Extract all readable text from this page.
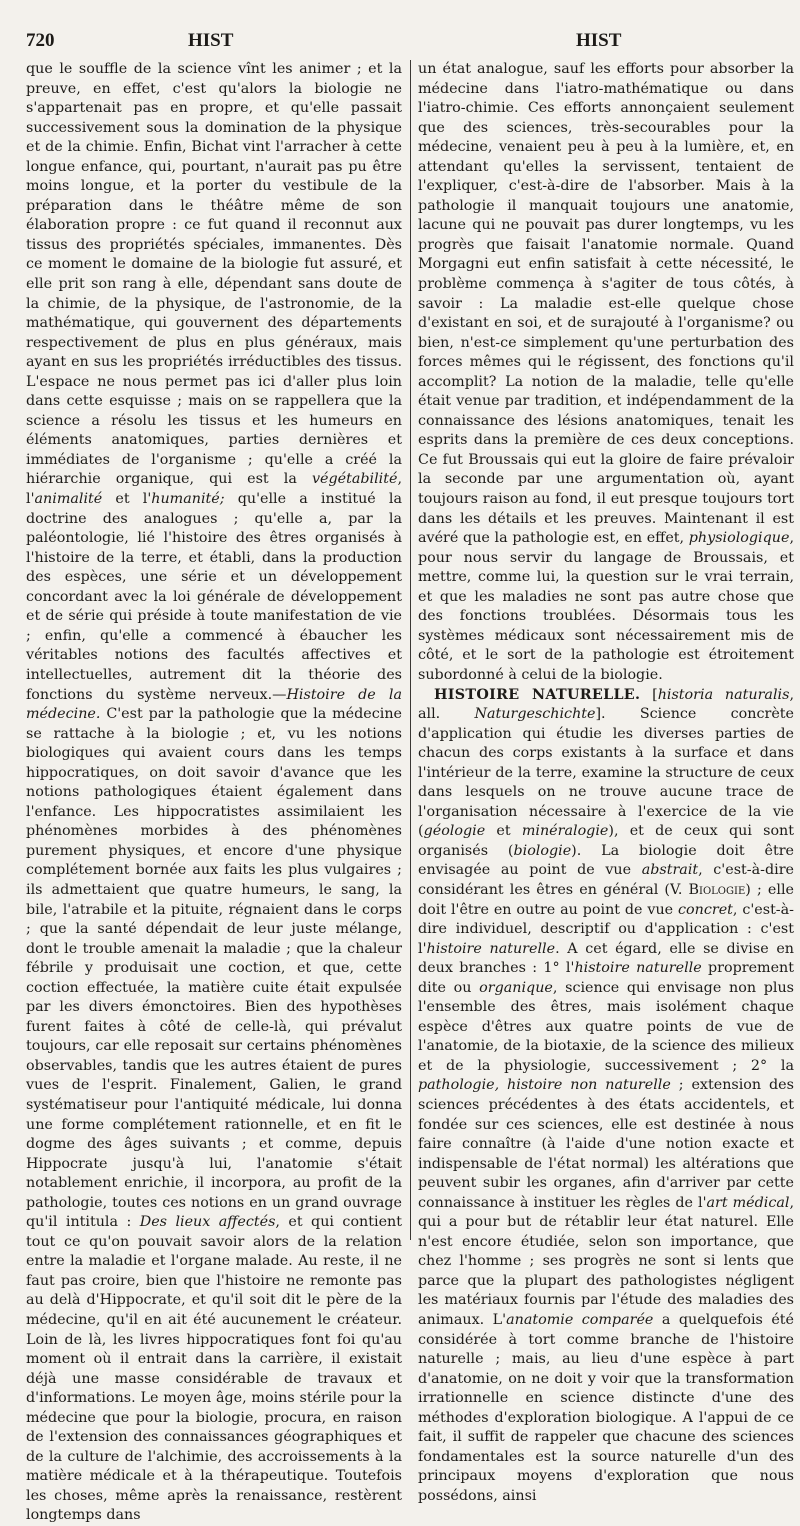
720	HIST	HIST

que le souffle de la science vînt les animer ; et la preuve, en effet, c'est qu'alors la biologie ne s'appartenait pas en propre, et qu'elle passait successivement sous la domination de la physique et de la chimie. Enfin, Bichat vint l'arracher à cette longue enfance, qui, pourtant, n'aurait pas pu être moins longue, et la porter du vestibule de la préparation dans le théâtre même de son élaboration propre : ce fut quand il reconnut aux tissus des propriétés spéciales, immanentes. Dès ce moment le domaine de la biologie fut assuré, et elle prit son rang à elle, dépendant sans doute de la chimie, de la physique, de l'astronomie, de la mathématique, qui gouvernent des départements respectivement de plus en plus généraux, mais ayant en sus les propriétés irréductibles des tissus. L'espace ne nous permet pas ici d'aller plus loin dans cette esquisse ; mais on se rappellera que la science a résolu les tissus et les humeurs en éléments anatomiques, parties dernières et immédiates de l'organisme ; qu'elle a créé la hiérarchie organique, qui est la végétabilité, l'animalité et l'humanité; qu'elle a institué la doctrine des analogues ; qu'elle a, par la paléontologie, lié l'histoire des êtres organisés à l'histoire de la terre, et établi, dans la production des espèces, une série et un développement concordant avec la loi générale de développement et de série qui préside à toute manifestation de vie ; enfin, qu'elle a commencé à ébaucher les véritables notions des facultés affectives et intellectuelles, autrement dit la théorie des fonctions du système nerveux.—Histoire de la médecine. C'est par la pathologie que la médecine se rattache à la biologie ; et, vu les notions biologiques qui avaient cours dans les temps hippocratiques, on doit savoir d'avance que les notions pathologiques étaient également dans l'enfance. Les hippocratistes assimilaient les phénomènes morbides à des phénomènes purement physiques, et encore d'une physique complétement bornée aux faits les plus vulgaires ; ils admettaient que quatre humeurs, le sang, la bile, l'atrabile et la pituite, régnaient dans le corps ; que la santé dépendait de leur juste mélange, dont le trouble amenait la maladie ; que la chaleur fébrile y produisait une coction, et que, cette coction effectuée, la matière cuite était expulsée par les divers émonctoires. Bien des hypothèses furent faites à côté de celle-là, qui prévalut toujours, car elle reposait sur certains phénomènes observables, tandis que les autres étaient de pures vues de l'esprit. Finalement, Galien, le grand systématiseur pour l'antiquité médicale, lui donna une forme complétement rationnelle, et en fit le dogme des âges suivants ; et comme, depuis Hippocrate jusqu'à lui, l'anatomie s'était notablement enrichie, il incorpora, au profit de la pathologie, toutes ces notions en un grand ouvrage qu'il intitula : Des lieux affectés, et qui contient tout ce qu'on pouvait savoir alors de la relation entre la maladie et l'organe malade. Au reste, il ne faut pas croire, bien que l'histoire ne remonte pas au delà d'Hippocrate, et qu'il soit dit le père de la médecine, qu'il en ait été aucunement le créateur. Loin de là, les livres hippocratiques font foi qu'au moment où il entrait dans la carrière, il existait déjà une masse considérable de travaux et d'informations. Le moyen âge, moins stérile pour la médecine que pour la biologie, procura, en raison de l'extension des connaissances géographiques et de la culture de l'alchimie, des accroissements à la matière médicale et à la thérapeutique. Toutefois les choses, même après la renaissance, restèrent longtemps dans

un état analogue, sauf les efforts pour absorber la médecine dans l'iatro-mathématique ou dans l'iatro-chimie. Ces efforts annonçaient seulement que des sciences, très-secourables pour la médecine, venaient peu à peu à la lumière, et, en attendant qu'elles la servissent, tentaient de l'expliquer, c'est-à-dire de l'absorber. Mais à la pathologie il manquait toujours une anatomie, lacune qui ne pouvait pas durer longtemps, vu les progrès que faisait l'anatomie normale. Quand Morgagni eut enfin satisfait à cette nécessité, le problème commença à s'agiter de tous côtés, à savoir : La maladie est-elle quelque chose d'existant en soi, et de surajouté à l'organisme? ou bien, n'est-ce simplement qu'une perturbation des forces mêmes qui le régissent, des fonctions qu'il accomplit? La notion de la maladie, telle qu'elle était venue par tradition, et indépendamment de la connaissance des lésions anatomiques, tenait les esprits dans la première de ces deux conceptions. Ce fut Broussais qui eut la gloire de faire prévaloir la seconde par une argumentation où, ayant toujours raison au fond, il eut presque toujours tort dans les détails et les preuves. Maintenant il est avéré que la pathologie est, en effet, physiologique, pour nous servir du langage de Broussais, et mettre, comme lui, la question sur le vrai terrain, et que les maladies ne sont pas autre chose que des fonctions troublées. Désormais tous les systèmes médicaux sont nécessairement mis de côté, et le sort de la pathologie est étroitement subordonné à celui de la biologie.

HISTOIRE NATURELLE. [historia naturalis, all. Naturgeschichte]. Science concrète d'application qui étudie les diverses parties de chacun des corps existants à la surface et dans l'intérieur de la terre, examine la structure de ceux dans lesquels on ne trouve aucune trace de l'organisation nécessaire à l'exercice de la vie (géologie et minéralogie), et de ceux qui sont organisés (biologie). La biologie doit être envisagée au point de vue abstrait, c'est-à-dire considérant les êtres en général (V. Biologie) ; elle doit l'être en outre au point de vue concret, c'est-à-dire individuel, descriptif ou d'application : c'est l'histoire naturelle. A cet égard, elle se divise en deux branches : 1° l'histoire naturelle proprement dite ou organique, science qui envisage non plus l'ensemble des êtres, mais isolément chaque espèce d'êtres aux quatre points de vue de l'anatomie, de la biotaxie, de la science des milieux et de la physiologie, successivement ; 2° la pathologie, histoire non naturelle ; extension des sciences précédentes à des états accidentels, et fondée sur ces sciences, elle est destinée à nous faire connaître (à l'aide d'une notion exacte et indispensable de l'état normal) les altérations que peuvent subir les organes, afin d'arriver par cette connaissance à instituer les règles de l'art médical, qui a pour but de rétablir leur état naturel. Elle n'est encore étudiée, selon son importance, que chez l'homme ; ses progrès ne sont si lents que parce que la plupart des pathologistes négligent les matériaux fournis par l'étude des maladies des animaux. L'anatomie comparée a quelquefois été considérée à tort comme branche de l'histoire naturelle ; mais, au lieu d'une espèce à part d'anatomie, on ne doit y voir que la transformation irrationnelle en science distincte d'une des méthodes d'exploration biologique. A l'appui de ce fait, il suffit de rappeler que chacune des sciences fondamentales est la source naturelle d'un des principaux moyens d'exploration que nous possédons, ainsi
